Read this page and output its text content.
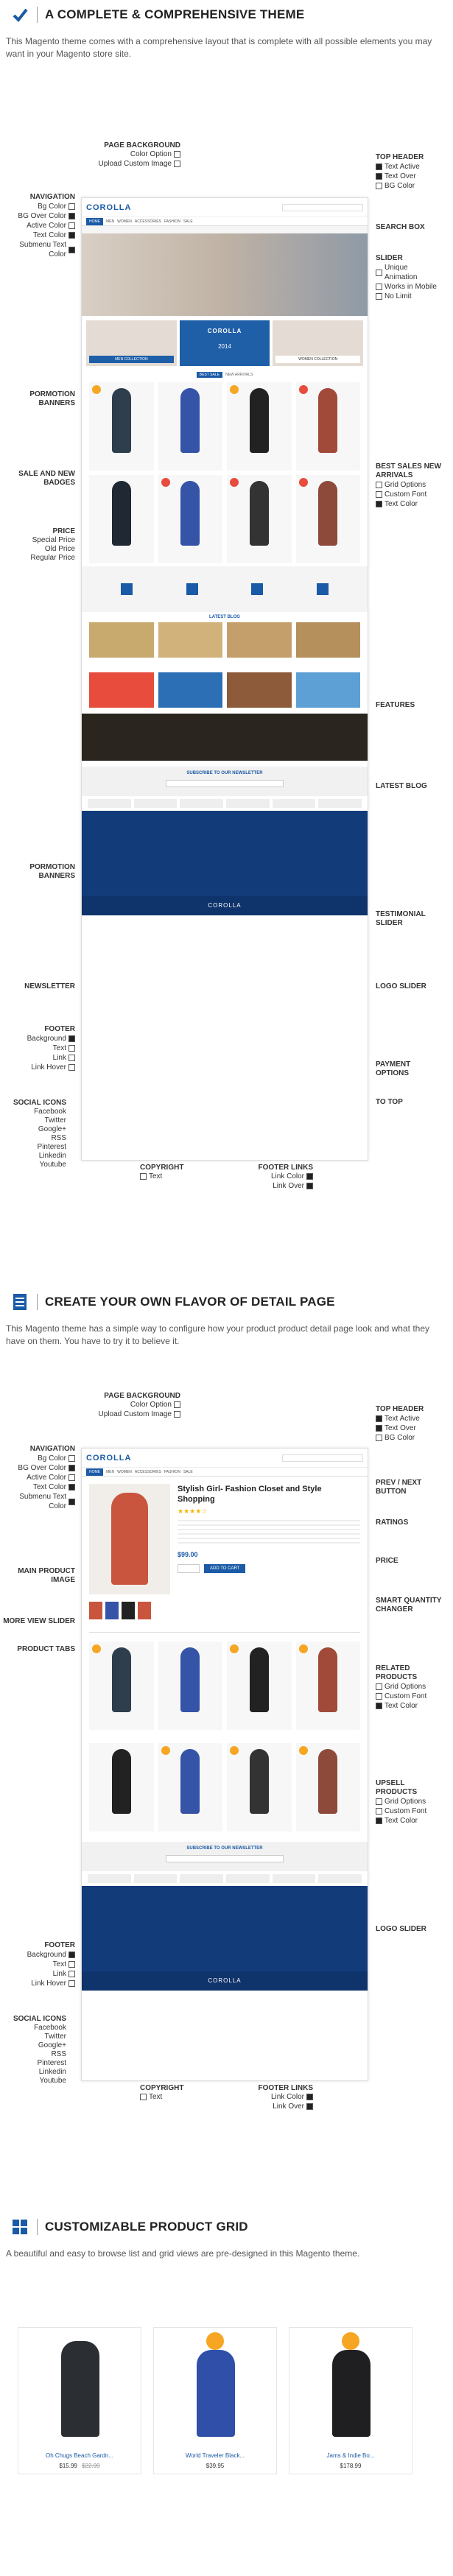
A COMPLETE & COMPREHENSIVE THEME
This Magento theme comes with a comprehensive layout that is complete with all possible elements you may want in your Magento store site.
PAGE BACKGROUND
Color Option
Upload Custom Image
NAVIGATION
Bg Color
BG Over Color
Active Color
Text Color
Submenu Text Color
PORMOTION BANNERS
SALE AND NEW BADGES
PRICE
Special Price
Old Price
Regular Price
PORMOTION BANNERS
NEWSLETTER
FOOTER
Background
Text
Link
Link Hover
SOCIAL ICONS
Facebook
Twitter
Google+
RSS
Pinterest
Linkedin
Youtube	COPYRIGHT
Text
TOP HEADER
Text Active
Text Over
BG Color
SEARCH BOX
SLIDER
Unique Animation
Works in Mobile
No Limit
BEST SALES NEW ARRIVALS
Grid Options
Custom Font
Text Color
FEATURES
LATEST BLOG
TESTIMONIAL SLIDER
LOGO SLIDER
PAYMENT OPTIONS
TO TOP
FOOTER LINKS
Link Color
Link Over
COROLLA
HOME	MEN WOMEN ACCESSORIES FASHION SALE
MEN COLLECTION
COROLLA
2014
WOMEN COLLECTION
BEST SALE NEW ARRIVALS
LATEST BLOG
SUBSCRIBE TO OUR NEWSLETTER
COROLLA
CREATE YOUR OWN FLAVOR OF DETAIL PAGE
This Magento theme has a simple way to configure how your product product detail page look and what they have on them. You have to try it to believe it.
PAGE BACKGROUND
Color Option
Upload Custom Image
NAVIGATION
Bg Color
BG Over Color
Active Color
Text Color
Submenu Text Color
MAIN PRODUCT IMAGE
MORE VIEW SLIDER
PRODUCT TABS
FOOTER
Background
Text
Link
Link Hover
SOCIAL ICONS
Facebook
Twitter
Google+
RSS
Pinterest
Linkedin
Youtube
COPYRIGHT
Text
TOP HEADER
Text Active
Text Over
BG Color
PREV / NEXT BUTTON
RATINGS
PRICE
SMART QUANTITY CHANGER
RELATED PRODUCTS
Grid Options
Custom Font
Text Color
UPSELL PRODUCTS
Grid Options
Custom Font
Text Color
LOGO SLIDER
FOOTER LINKS
Link Color
Link Over
COROLLA
HOME	MEN WOMEN ACCESSORIES FASHION SALE
Stylish Girl- Fashion Closet and Style Shopping
★★★★☆
$99.00
ADD TO CART
SUBSCRIBE TO OUR NEWSLETTER
COROLLA
CUSTOMIZABLE PRODUCT GRID
A beautiful and easy to browse list and grid views are pre-designed in this Magento theme.
Oh Chugs Beach Gardn...
$15.99 $22.99
World Traveler Black...
$39.95
Jams & Indie Bo...
$178.99
